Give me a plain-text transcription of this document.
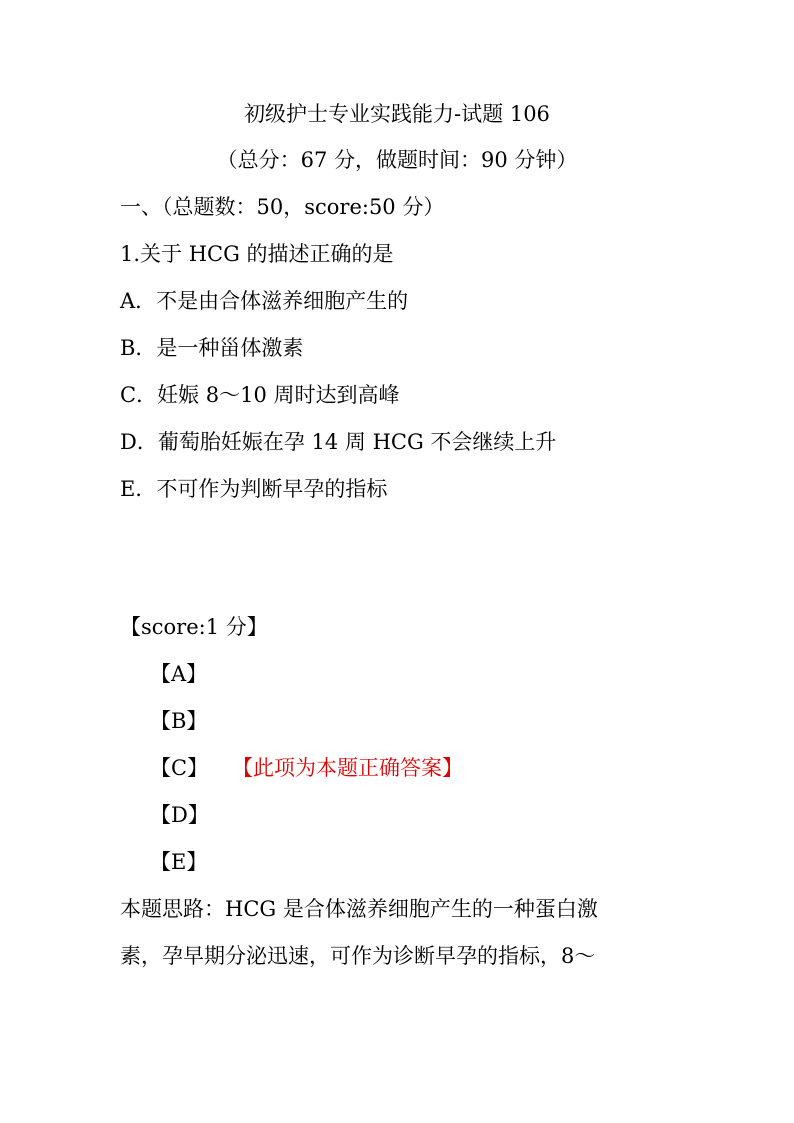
初级护士专业实践能力-试题 106
（总分：67 分，做题时间：90 分钟）
一、（总题数：50，score:50 分）
1.关于 HCG 的描述正确的是
A．不是由合体滋养细胞产生的
B．是一种甾体激素
C．妊娠 8～10 周时达到高峰
D．葡萄胎妊娠在孕 14 周 HCG 不会继续上升
E．不可作为判断早孕的指标
【score:1 分】
【A】
【B】
【C】 【此项为本题正确答案】
【D】
【E】
本题思路：HCG 是合体滋养细胞产生的一种蛋白激
素，孕早期分泌迅速，可作为诊断早孕的指标，8～
